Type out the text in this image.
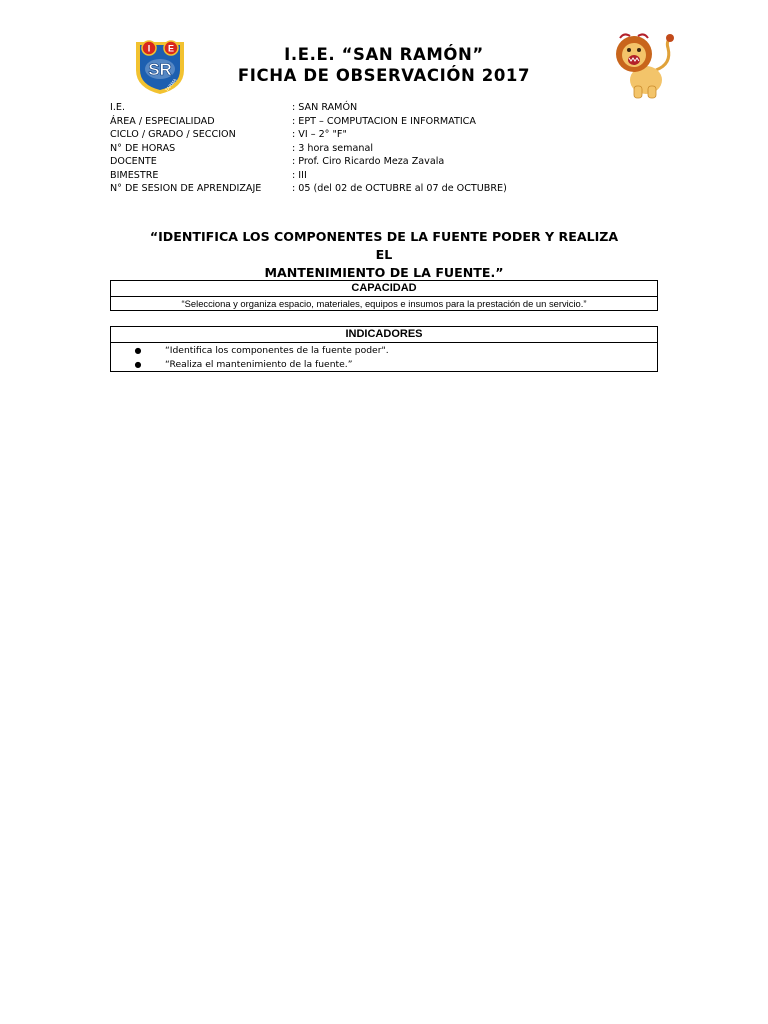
I E
SR
TARMA
I.E.E. “SAN RAMÓN”
FICHA DE OBSERVACIÓN 2017
I.E.	: SAN RAMÓN
ÁREA / ESPECIALIDAD	: EPT – COMPUTACION E INFORMATICA
CICLO / GRADO / SECCION	: VI – 2° "F"
N° DE HORAS	: 3 hora semanal
DOCENTE	: Prof. Ciro Ricardo Meza Zavala
BIMESTRE	: III
N° DE SESION DE APRENDIZAJE	: 05 (del 02 de OCTUBRE al 07 de OCTUBRE)
“IDENTIFICA LOS COMPONENTES DE LA FUENTE PODER Y REALIZA EL
MANTENIMIENTO DE LA FUENTE.”
CAPACIDAD
“Selecciona y organiza espacio, materiales, equipos e insumos para la prestación de un servicio.”
INDICADORES

●	“Identifica los componentes de la fuente poder".
●	“Realiza el mantenimiento de la fuente.”
